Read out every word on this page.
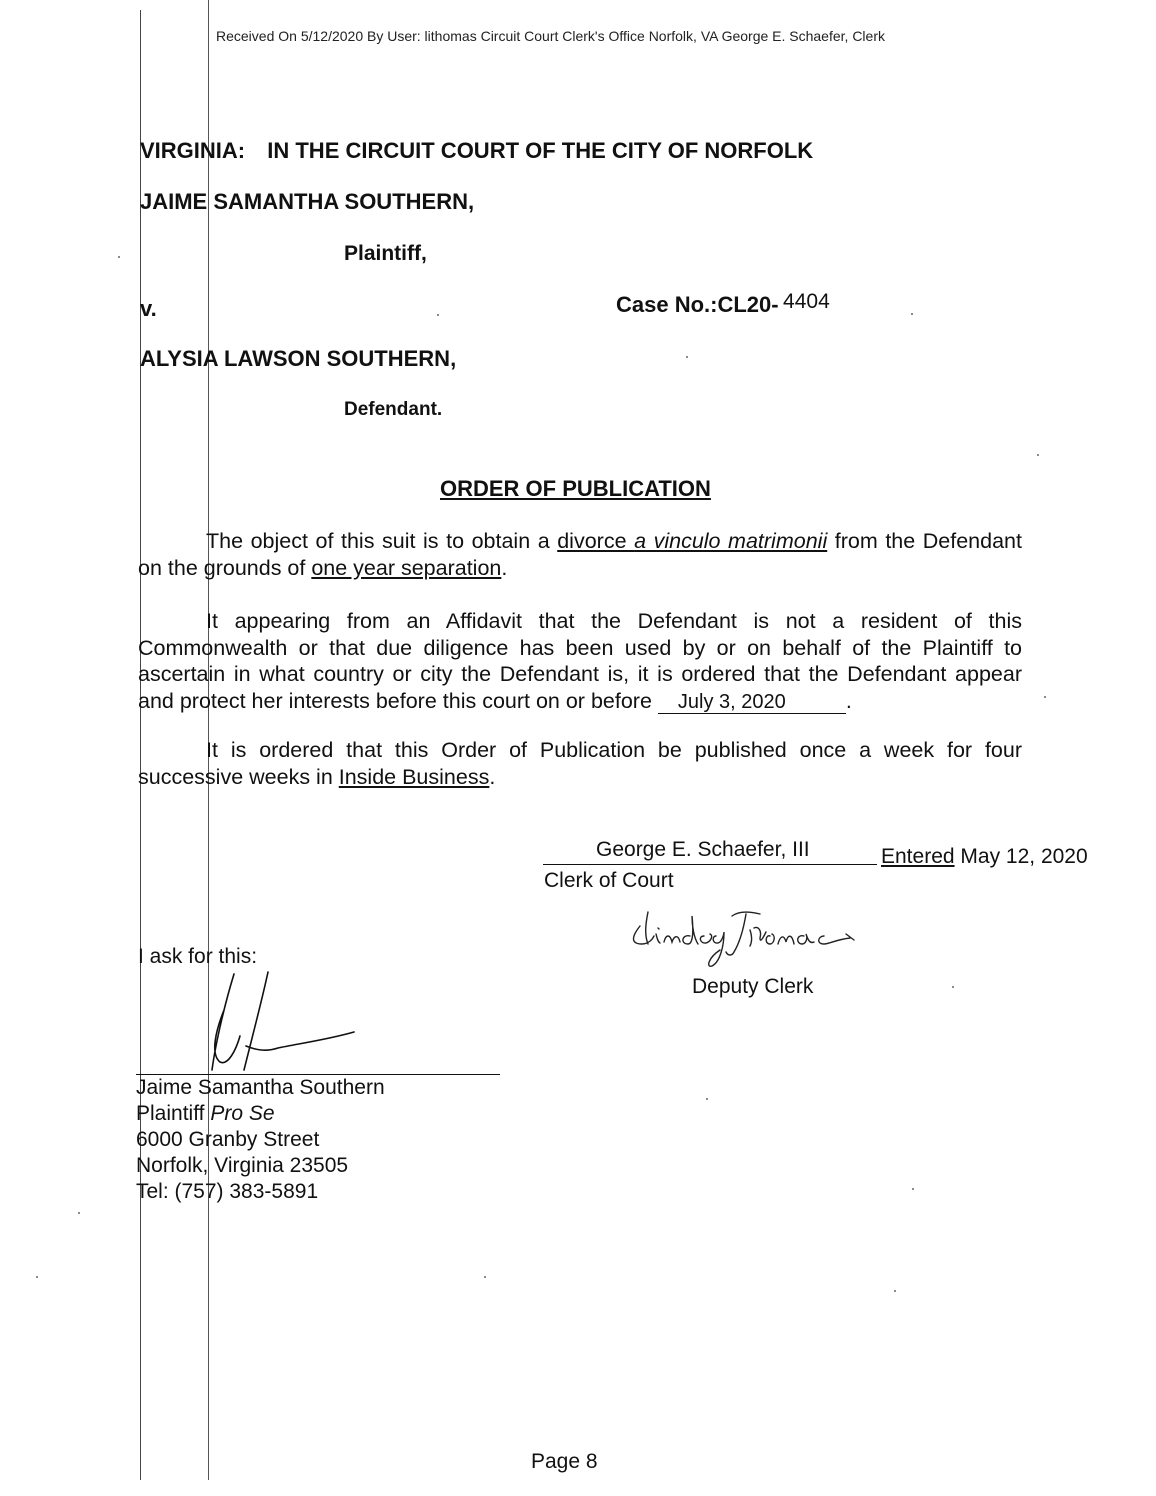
Received On 5/12/2020 By User: lithomas Circuit Court Clerk's Office Norfolk, VA George E. Schaefer, Clerk
VIRGINIA: IN THE CIRCUIT COURT OF THE CITY OF NORFOLK
JAIME SAMANTHA SOUTHERN,
Plaintiff,
v.	Case No.:CL20- 4404
ALYSIA LAWSON SOUTHERN,
Defendant.
ORDER OF PUBLICATION
The object of this suit is to obtain a divorce a vinculo matrimonii from the Defendant on the grounds of one year separation.
It appearing from an Affidavit that the Defendant is not a resident of this Commonwealth or that due diligence has been used by or on behalf of the Plaintiff to ascertain in what country or city the Defendant is, it is ordered that the Defendant appear and protect her interests before this court on or before July 3, 2020	.
It is ordered that this Order of Publication be published once a week for four successive weeks in Inside Business.
George E. Schaefer, III	Entered May 12, 2020
Clerk of Court
Deputy Clerk
I ask for this:
Jaime Samantha Southern
Plaintiff Pro Se
6000 Granby Street
Norfolk, Virginia 23505
Tel: (757) 383-5891
Page 8
